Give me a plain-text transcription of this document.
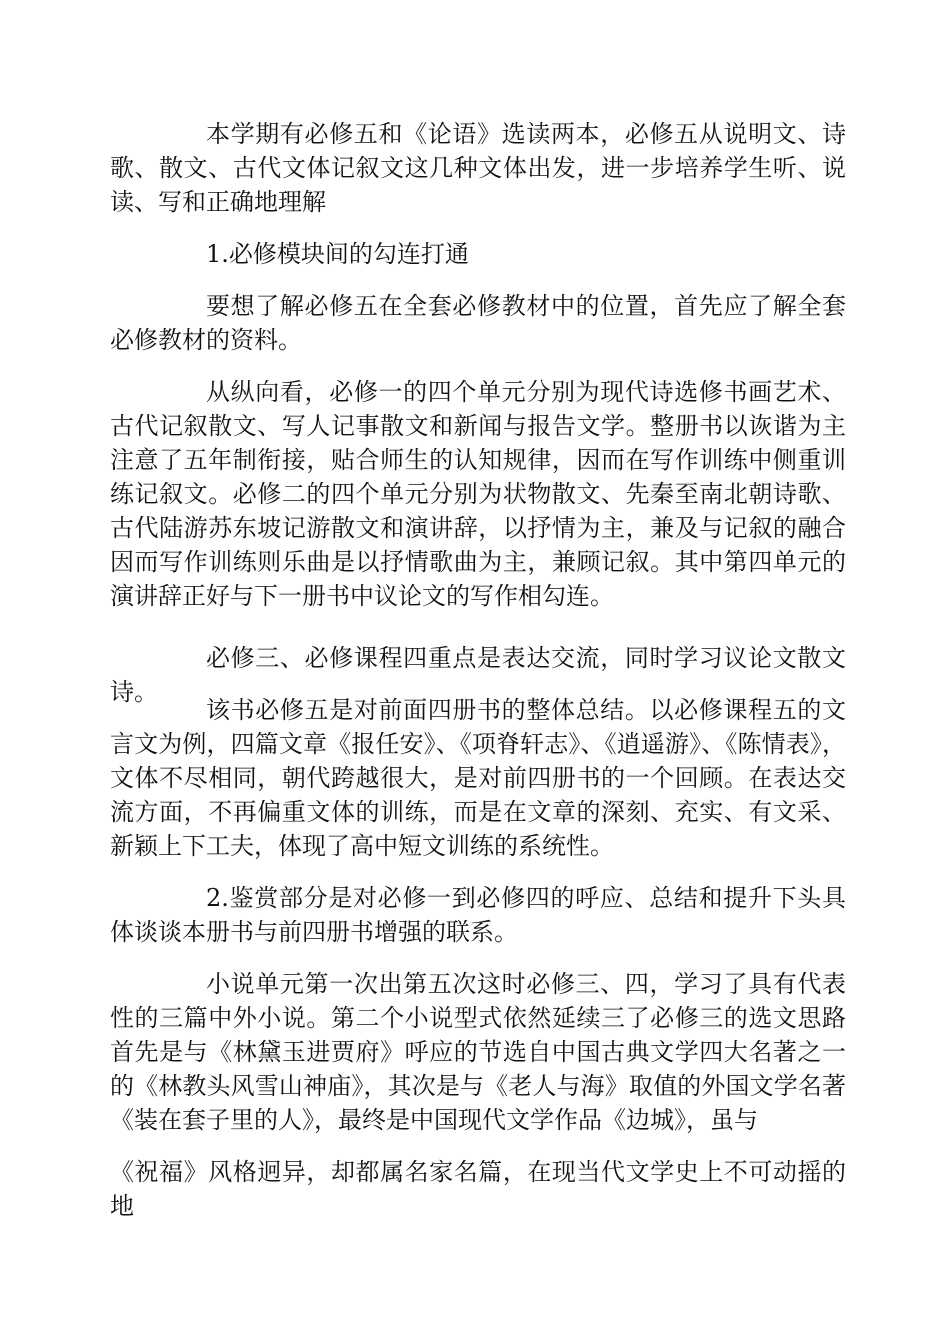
本学期有必修五和《论语》选读两本，必修五从说明文、诗歌、散文、古代文体记叙文这几种文体出发，进一步培养学生听、说读、写和正确地理解

1.必修模块间的勾连打通

要想了解必修五在全套必修教材中的位置，首先应了解全套必修教材的资料。

从纵向看，必修一的四个单元分别为现代诗选修书画艺术、古代记叙散文、写人记事散文和新闻与报告文学。整册书以诙谐为主注意了五年制衔接，贴合师生的认知规律，因而在写作训练中侧重训练记叙文。必修二的四个单元分别为状物散文、先秦至南北朝诗歌、古代陆游苏东坡记游散文和演讲辞，以抒情为主，兼及与记叙的融合因而写作训练则乐曲是以抒情歌曲为主，兼顾记叙。其中第四单元的演讲辞正好与下一册书中议论文的写作相勾连。

必修三、必修课程四重点是表达交流，同时学习议论文散文诗。

该书必修五是对前面四册书的整体总结。以必修课程五的文言文为例，四篇文章《报任安》、《项脊轩志》、《逍遥游》、《陈情表》，文体不尽相同，朝代跨越很大，是对前四册书的一个回顾。在表达交流方面，不再偏重文体的训练，而是在文章的深刻、充实、有文采、新颖上下工夫，体现了高中短文训练的系统性。

2.鉴赏部分是对必修一到必修四的呼应、总结和提升下头具体谈谈本册书与前四册书增强的联系。

小说单元第一次出第五次这时必修三、四，学习了具有代表性的三篇中外小说。第二个小说型式依然延续三了必修三的选文思路首先是与《林黛玉进贾府》呼应的节选自中国古典文学四大名著之一的《林教头风雪山神庙》，其次是与《老人与海》取值的外国文学名著《装在套子里的人》，最终是中国现代文学作品《边城》，虽与

《祝福》风格迥异，却都属名家名篇，在现当代文学史上不可动摇的地
